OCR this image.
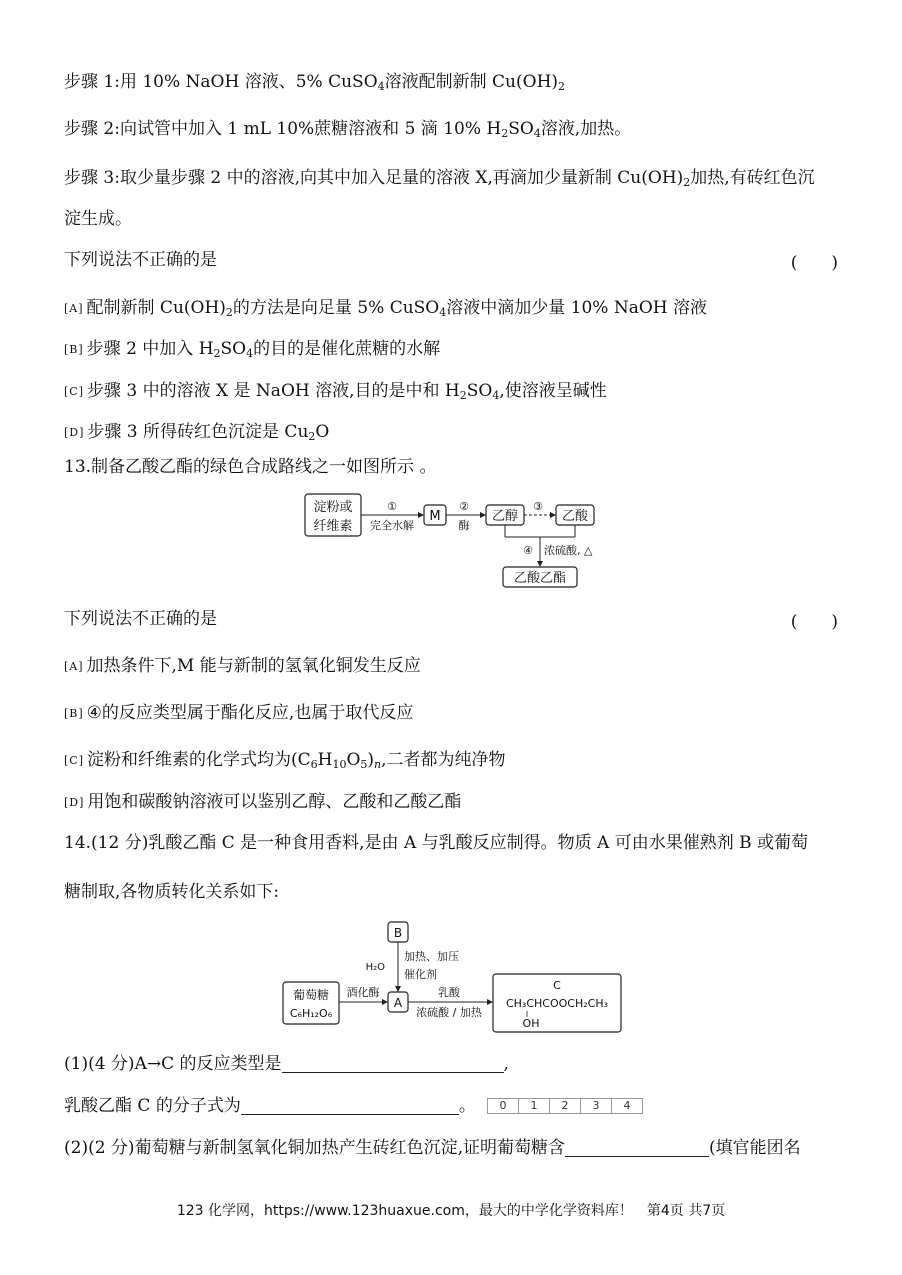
步骤 1:用 10% NaOH 溶液、5% CuSO$_4$溶液配制新制 $Cu(OH)_2$
步骤 2:向试管中加入 1 mL 10%蔗糖溶液和 5 滴 10% $H_2SO_4$溶液,加热。
步骤 3:取少量步骤 2 中的溶液,向其中加入足量的溶液 X,再滴加少量新制 $Cu(OH)_2$加热,有砖红色沉
淀生成。
下列说法不正确的是	(　　)
[A] 配制新制 $Cu(OH)_2$的方法是向足量 5% CuSO$_4$溶液中滴加少量 10% NaOH 溶液
[B] 步骤 2 中加入 $H_2SO_4$的目的是催化蔗糖的水解
[C] 步骤 3 中的溶液 X 是 NaOH 溶液,目的是中和 $H_2SO_4$,使溶液呈碱性
[D] 步骤 3 所得砖红色沉淀是 $Cu_2O$
13.制备乙酸乙酯的绿色合成路线之一如图所示 。
淀粉或
纤维素
①
完全水解
M
②
酶
乙醇
③
乙酸
④ 浓硫酸, △
乙酸乙酯
下列说法不正确的是	(　　)
[A] 加热条件下,M 能与新制的氢氧化铜发生反应
[B] ④的反应类型属于酯化反应,也属于取代反应
[C] 淀粉和纤维素的化学式均为$(C_6H_{10}O_5)_n$,二者都为纯净物
[D] 用饱和碳酸钠溶液可以鉴别乙醇、乙酸和乙酸乙酯
14.(12 分)乳酸乙酯 C 是一种食用香料,是由 A 与乳酸反应制得。物质 A 可由水果催熟剂 B 或葡萄
糖制取,各物质转化关系如下:
B
H₂O
加热、加压
催化剂
葡萄糖
C₆H₁₂O₆
酒化酶
A
乳酸
浓硫酸 / 加热
C
CH₃CHCOOCH₂CH₃
OH
(1)(4 分)A→C 的反应类型是	,
乳酸乙酯 C 的分子式为	。	0	1	2	3	4
(2)(2 分)葡萄糖与新制氢氧化铜加热产生砖红色沉淀,证明葡萄糖含	(填官能团名
123 化学网，https://www.123huaxue.com，最大的中学化学资料库！　第4页 共7页
